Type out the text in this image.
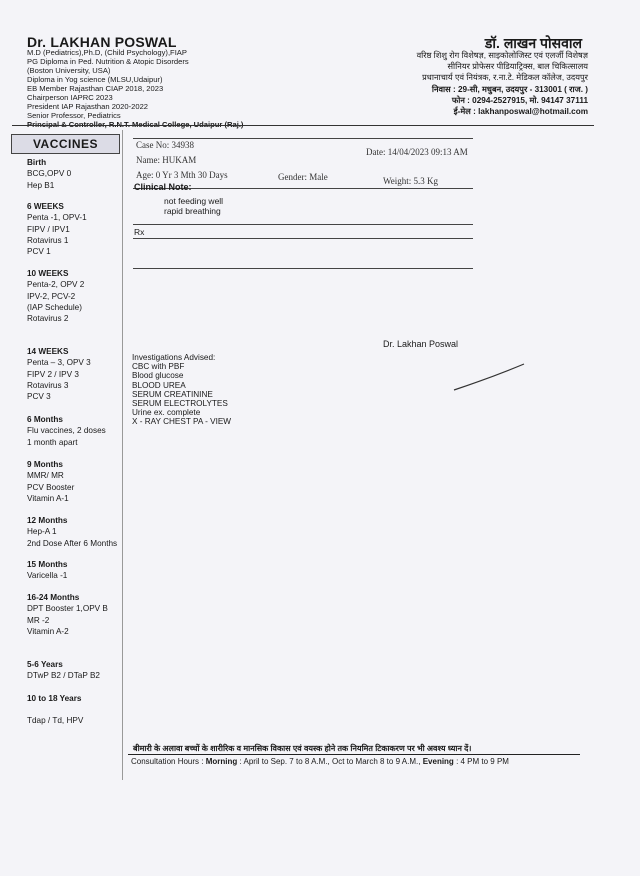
Dr. LAKHAN POSWAL
M.D (Pediatrics),Ph.D, (Child Psychology),FIAP
PG Diploma in Ped. Nutrition & Atopic Disorders
(Boston University, USA)
Diploma in Yog science (MLSU,Udaipur)
EB Member Rajasthan CIAP 2018, 2023
Chairperson IAPRC 2023
President IAP Rajasthan 2020-2022
Senior Professor, Pediatrics
डॉ. लाखन पोसवाल
वरिष्ठ शिशु रोग विशेषज्ञ, साइकोलोजिस्ट एवं एलर्जी विशेषज्ञ
सीनियर प्रोफेसर पीडियाट्रिक्स, बाल चिकित्सालय
प्रधानाचार्य एवं नियंत्रक, र.ना.टे. मेडिकल कॉलेज, उदयपुर
निवास : 29-सी, मधुबन, उदयपुर - 313001 ( राज. )
फोन : 0294-2527915, मो. 94147 37111
ई-मेल : lakhanposwal@hotmail.com
VACCINES
Birth
BCG,OPV 0
Hep B1
6 WEEKS
Penta -1, OPV-1
FIPV / IPV1
Rotavirus 1
PCV 1
10 WEEKS
Penta-2, OPV 2
IPV-2, PCV-2
(IAP Schedule)
Rotavirus 2
14 WEEKS
Penta – 3, OPV 3
FIPV 2 / IPV 3
Rotavirus 3
PCV 3
6 Months
Flu vaccines, 2 doses
1 month apart
9 Months
MMR/ MR
PCV Booster
Vitamin A-1
12 Months
Hep-A 1
2nd Dose After 6 Months
15 Months
Varicella -1
16-24 Months
DPT Booster 1,OPV B
MR -2
Vitamin A-2
5-6 Years
DTwP B2 / DTaP B2
10 to 18 Years
Tdap / Td, HPV
Case No: 34938
Date: 14/04/2023 09:13 AM
Name: HUKAM
Age: 0 Yr 3 Mth 30 Days	Gender: Male	Weight: 5.3 Kg
Clinical Note:
not feeding well
rapid breathing
Rx
Dr. Lakhan Poswal
Investigations Advised:
CBC with PBF
Blood glucose
BLOOD UREA
SERUM CREATININE
SERUM ELECTROLYTES
Urine ex. complete
X - RAY CHEST PA - VIEW
बीमारी के अलावा बच्चों के शारीरिक व मानसिक विकास एवं वयस्क होने तक नियमित टिकाकरण पर भी अवश्य ध्यान दें।
Consultation Hours : Morning : April to Sep. 7 to 8 A.M., Oct to March 8 to 9 A.M., Evening : 4 PM to 9 PM
